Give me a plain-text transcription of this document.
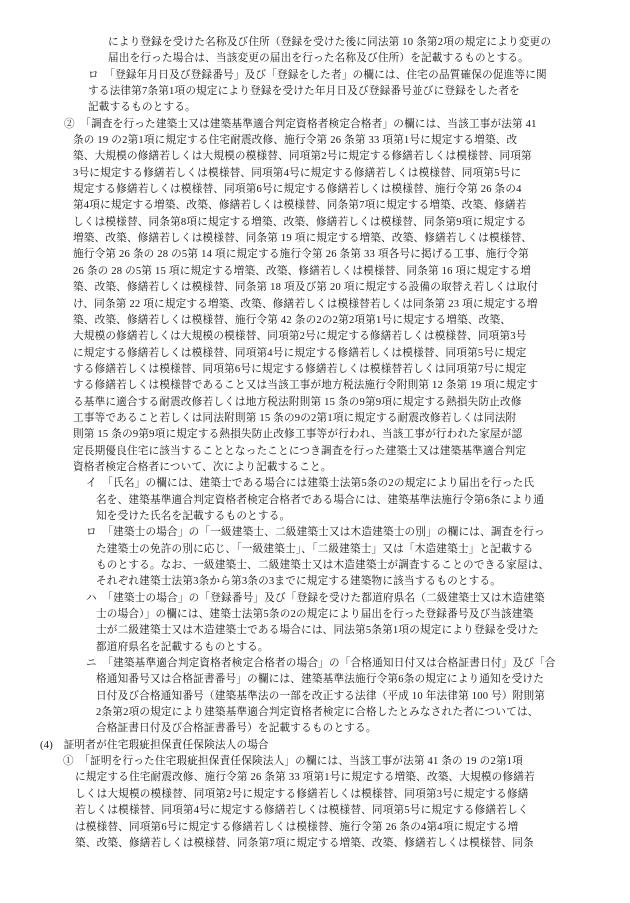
により登録を受けた名称及び住所（登録を受けた後に同法第 10 条第2項の規定により変更の
届出を行った場合は、当該変更の届出を行った名称及び住所）を記載するものとする。
ロ　「登録年月日及び登録番号」及び「登録をした者」の欄には、住宅の品質確保の促進等に関
する法律第7条第1項の規定により登録を受けた年月日及び登録番号並びに登録をした者を
記載するものとする。
②　「調査を行った建築士又は建築基準適合判定資格者検定合格者」の欄には、当該工事が法第 41
条の 19 の2第1項に規定する住宅耐震改修、施行令第 26 条第 33 項第1号に規定する増築、改
築、大規模の修繕若しくは大規模の模様替、同項第2号に規定する修繕若しくは模様替、同項第
3号に規定する修繕若しくは模様替、同項第4号に規定する修繕若しくは模様替、同項第5号に
規定する修繕若しくは模様替、同項第6号に規定する修繕若しくは模様替、施行令第 26 条の4
第4項に規定する増築、改築、修繕若しくは模様替、同条第7項に規定する増築、改築、修繕若
しくは模様替、同条第8項に規定する増築、改築、修繕若しくは模様替、同条第9項に規定する
増築、改築、修繕若しくは模様替、同条第 19 項に規定する増築、改築、修繕若しくは模様替、
施行令第 26 条の 28 の5第 14 項に規定する施行令第 26 条第 33 項各号に掲げる工事、施行令第
26 条の 28 の5第 15 項に規定する増築、改築、修繕若しくは模様替、同条第 16 項に規定する増
築、改築、修繕若しくは模様替、同条第 18 項及び第 20 項に規定する設備の取替え若しくは取付
け、同条第 22 項に規定する増築、改築、修繕若しくは模様替若しくは同条第 23 項に規定する増
築、改築、修繕若しくは模様替、施行令第 42 条の2の2第2項第1号に規定する増築、改築、
大規模の修繕若しくは大規模の模様替、同項第2号に規定する修繕若しくは模様替、同項第3号
に規定する修繕若しくは模様替、同項第4号に規定する修繕若しくは模様替、同項第5号に規定
する修繕若しくは模様替、同項第6号に規定する修繕若しくは模様替若しくは同項第7号に規定
する修繕若しくは模様替であること又は当該工事が地方税法施行令附則第 12 条第 19 項に規定す
る基準に適合する耐震改修若しくは地方税法附則第 15 条の9第9項に規定する熱損失防止改修
工事等であること若しくは同法附則第 15 条の9の2第1項に規定する耐震改修若しくは同法附
則第 15 条の9第9項に規定する熱損失防止改修工事等が行われ、当該工事が行われた家屋が認
定長期優良住宅に該当することとなったことにつき調査を行った建築士又は建築基準適合判定
資格者検定合格者について、次により記載すること。
イ　「氏名」の欄には、建築士である場合には建築士法第5条の2の規定により届出を行った氏
名を、建築基準適合判定資格者検定合格者である場合には、建築基準法施行令第6条により通
知を受けた氏名を記載するものとする。
ロ　「建築士の場合」の「一級建築士、二級建築士又は木造建築士の別」の欄には、調査を行っ
た建築士の免許の別に応じ、「一級建築士」、「二級建築士」又は「木造建築士」と記載する
ものとする。なお、一級建築士、二級建築士又は木造建築士が調査することのできる家屋は、
それぞれ建築士法第3条から第3条の3までに規定する建築物に該当するものとする。
ハ　「建築士の場合」の「登録番号」及び「登録を受けた都道府県名（二級建築士又は木造建築
士の場合）」の欄には、建築士法第5条の2の規定により届出を行った登録番号及び当該建築
士が二級建築士又は木造建築士である場合には、同法第5条第1項の規定により登録を受けた
都道府県名を記載するものとする。
ニ　「建築基準適合判定資格者検定合格者の場合」の「合格通知日付又は合格証書日付」及び「合
格通知番号又は合格証書番号」の欄には、建築基準法施行令第6条の規定により通知を受けた
日付及び合格通知番号（建築基準法の一部を改正する法律（平成 10 年法律第 100 号）附則第
2条第2項の規定により建築基準適合判定資格者検定に合格したとみなされた者については、
合格証書日付及び合格証書番号）を記載するものとする。
(4)　証明者が住宅瑕疵担保責任保険法人の場合
①　「証明を行った住宅瑕疵担保責任保険法人」の欄には、当該工事が法第 41 条の 19 の2第1項
に規定する住宅耐震改修、施行令第 26 条第 33 項第1号に規定する増築、改築、大規模の修繕若
しくは大規模の模様替、同項第2号に規定する修繕若しくは模様替、同項第3号に規定する修繕
若しくは模様替、同項第4号に規定する修繕若しくは模様替、同項第5号に規定する修繕若しく
は模様替、同項第6号に規定する修繕若しくは模様替、施行令第 26 条の4第4項に規定する増
築、改築、修繕若しくは模様替、同条第7項に規定する増築、改築、修繕若しくは模様替、同条
